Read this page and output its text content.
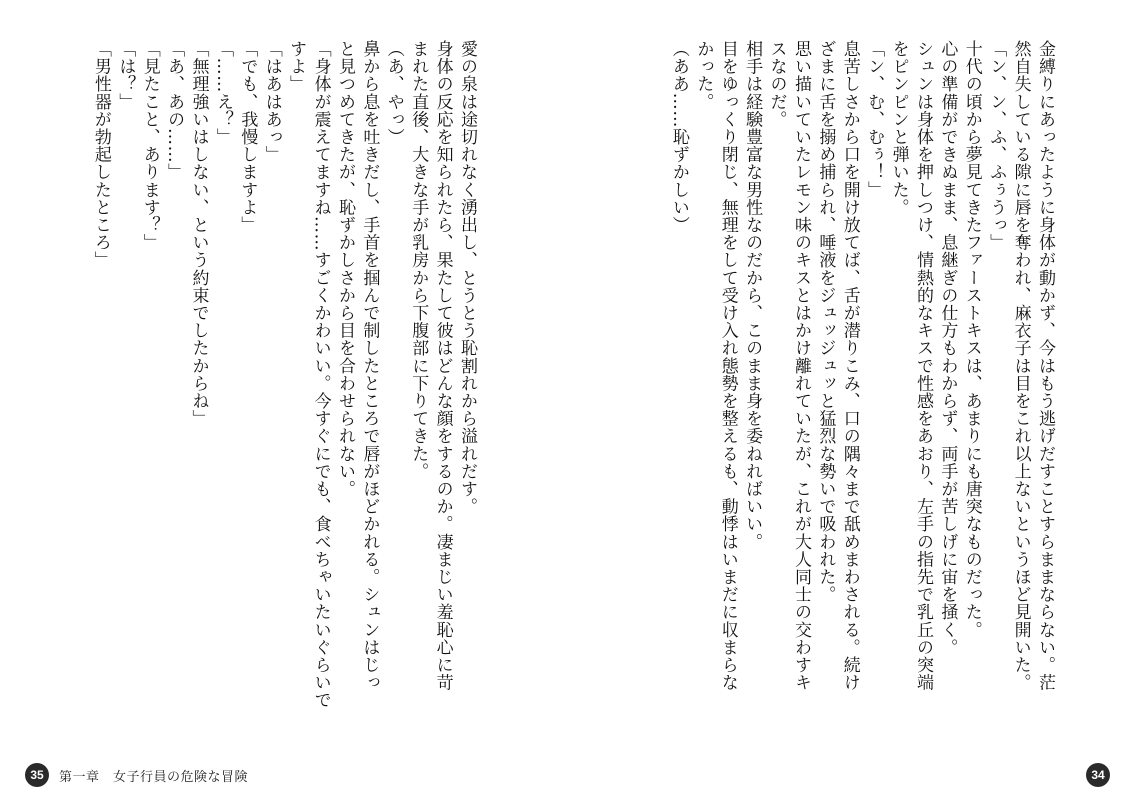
金縛りにあったように身体が動かず、今はもう逃げだすことすらままならない。茫
然自失している隙に唇を奪われ、麻衣子は目をこれ以上ないというほど見開いた。
「ン、ン、ふ、ふぅうっ」
十代の頃から夢見てきたファーストキスは、あまりにも唐突なものだった。
心の準備ができぬまま、息継ぎの仕方もわからず、両手が苦しげに宙を掻く。
シュンは身体を押しつけ、情熱的なキスで性感をあおり、左手の指先で乳丘の突端
をピンピンと弾いた。
「ン、む、むぅ！」
息苦しさから口を開け放てば、舌が潜りこみ、口の隅々まで舐めまわされる。続け
ざまに舌を搦め捕られ、唾液をジュッジュッと猛烈な勢いで吸われた。
思い描いていたレモン味のキスとはかけ離れていたが、これが大人同士の交わすキ
スなのだ。
相手は経験豊富な男性なのだから、このまま身を委ねればいい。
目をゆっくり閉じ、無理をして受け入れ態勢を整えるも、動悸はいまだに収まらな
かった。
（ああ……恥ずかしい）
34
愛の泉は途切れなく湧出し、とうとう恥割れから溢れだす。
身体の反応を知られたら、果たして彼はどんな顔をするのか。凄まじい羞恥心に苛
まれた直後、大きな手が乳房から下腹部に下りてきた。
（あ、やっ）
鼻から息を吐きだし、手首を掴んで制したところで唇がほどかれる。シュンはじっ
と見つめてきたが、恥ずかしさから目を合わせられない。
「身体が震えてますね……すごくかわいい。今すぐにでも、食べちゃいたいぐらいで
すよ」
「はあはあっ」
「でも、我慢しますよ」
「……え？」
「無理強いはしない、という約束でしたからね」
「あ、あの……」
「見たこと、あります？」
「は？」
「男性器が勃起したところ」
35	第一章　女子行員の危険な冒険
